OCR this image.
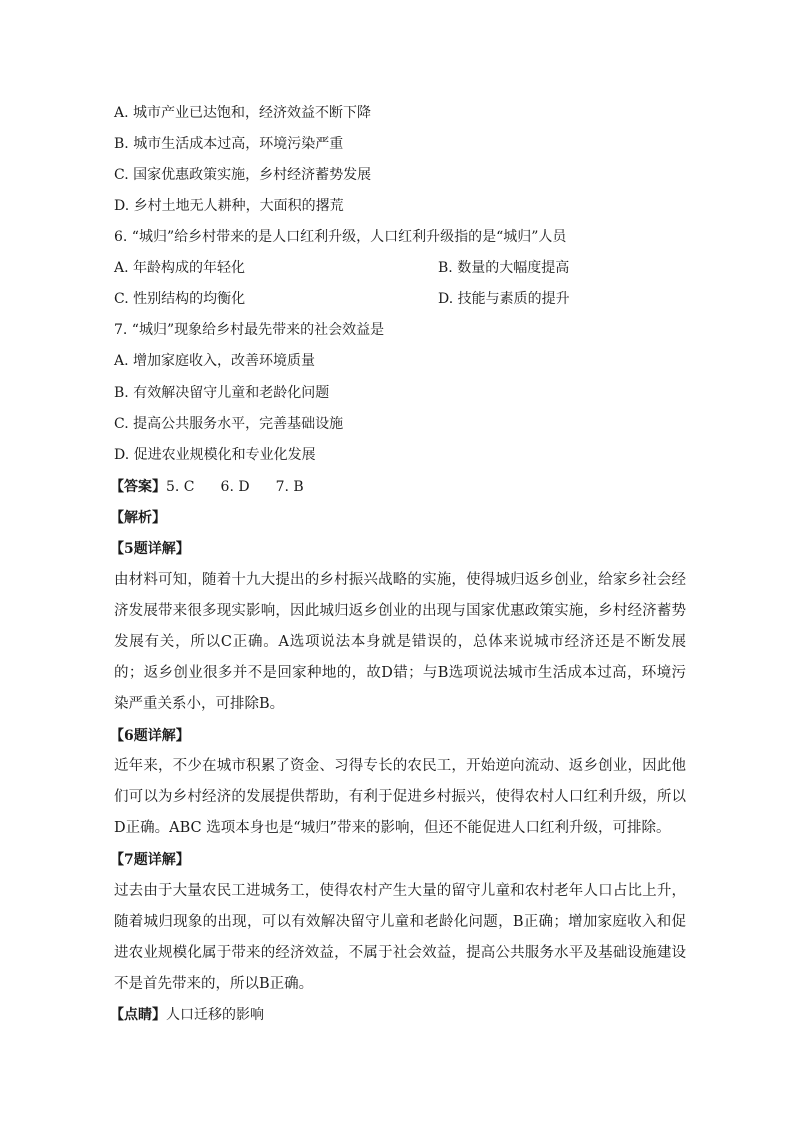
A. 城市产业已达饱和，经济效益不断下降
B. 城市生活成本过高，环境污染严重
C. 国家优惠政策实施，乡村经济蓄势发展
D. 乡村土地无人耕种，大面积的撂荒
6. “城归”给乡村带来的是人口红利升级，人口红利升级指的是“城归”人员
A. 年龄构成的年轻化	B. 数量的大幅度提高
C. 性别结构的均衡化	D. 技能与素质的提升
7. “城归”现象给乡村最先带来的社会效益是
A. 增加家庭收入，改善环境质量
B. 有效解决留守儿童和老龄化问题
C. 提高公共服务水平，完善基础设施
D. 促进农业规模化和专业化发展
【答案】5. C 6. D 7. B
【解析】
【5题详解】
由材料可知，随着十九大提出的乡村振兴战略的实施，使得城归返乡创业，给家乡社会经济发展带来很多现实影响，因此城归返乡创业的出现与国家优惠政策实施，乡村经济蓄势发展有关，所以C正确。A选项说法本身就是错误的，总体来说城市经济还是不断发展的；返乡创业很多并不是回家种地的，故D错；与B选项说法城市生活成本过高，环境污染严重关系小，可排除B。
【6题详解】
近年来，不少在城市积累了资金、习得专长的农民工，开始逆向流动、返乡创业，因此他们可以为乡村经济的发展提供帮助，有利于促进乡村振兴，使得农村人口红利升级，所以D正确。ABC 选项本身也是“城归”带来的影响，但还不能促进人口红利升级，可排除。
【7题详解】
过去由于大量农民工进城务工，使得农村产生大量的留守儿童和农村老年人口占比上升，随着城归现象的出现，可以有效解决留守儿童和老龄化问题，B正确；增加家庭收入和促进农业规模化属于带来的经济效益，不属于社会效益，提高公共服务水平及基础设施建设不是首先带来的，所以B正确。
【点睛】人口迁移的影响
